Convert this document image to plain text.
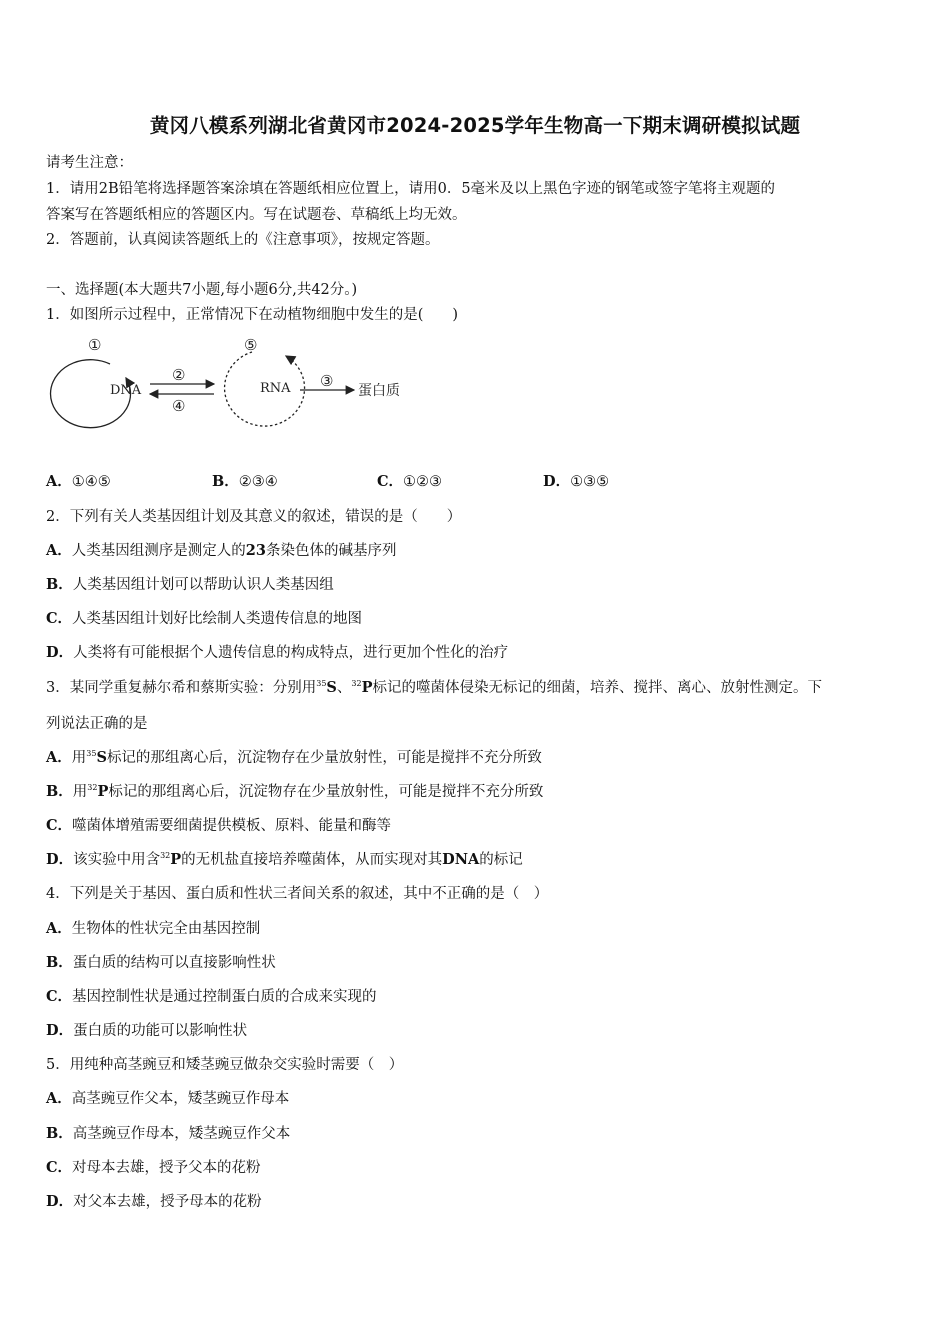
黄冈八模系列湖北省黄冈市2024-2025学年生物高一下期末调研模拟试题
请考生注意：
1．请用2B铅笔将选择题答案涂填在答题纸相应位置上，请用0．5毫米及以上黑色字迹的钢笔或签字笔将主观题的
答案写在答题纸相应的答题区内。写在试题卷、草稿纸上均无效。
2．答题前，认真阅读答题纸上的《注意事项》，按规定答题。
一、选择题(本大题共7小题,每小题6分,共42分。)
1．如图所示过程中，正常情况下在动植物细胞中发生的是(　　)
DNA
①
②
④
⑤
RNA ③
蛋白质
A．①④⑤	B．②③④	C．①②③	D．①③⑤
2．下列有关人类基因组计划及其意义的叙述，错误的是（　　）
A．人类基因组测序是测定人的23条染色体的碱基序列
B．人类基因组计划可以帮助认识人类基因组
C．人类基因组计划好比绘制人类遗传信息的地图
D．人类将有可能根据个人遗传信息的构成特点，进行更加个性化的治疗
3．某同学重复赫尔希和蔡斯实验：分别用$^{35}$S、$^{32}$P标记的噬菌体侵染无标记的细菌，培养、搅拌、离心、放射性测定。下
列说法正确的是
A．用$^{35}$S标记的那组离心后，沉淀物存在少量放射性，可能是搅拌不充分所致
B．用$^{32}$P标记的那组离心后，沉淀物存在少量放射性，可能是搅拌不充分所致
C．噬菌体增殖需要细菌提供模板、原料、能量和酶等
D．该实验中用含$^{32}$P的无机盐直接培养噬菌体，从而实现对其DNA的标记
4．下列是关于基因、蛋白质和性状三者间关系的叙述，其中不正确的是（　）
A．生物体的性状完全由基因控制
B．蛋白质的结构可以直接影响性状
C．基因控制性状是通过控制蛋白质的合成来实现的
D．蛋白质的功能可以影响性状
5．用纯种高茎豌豆和矮茎豌豆做杂交实验时需要（　）
A．高茎豌豆作父本，矮茎豌豆作母本
B．高茎豌豆作母本，矮茎豌豆作父本
C．对母本去雄，授予父本的花粉
D．对父本去雄，授予母本的花粉
